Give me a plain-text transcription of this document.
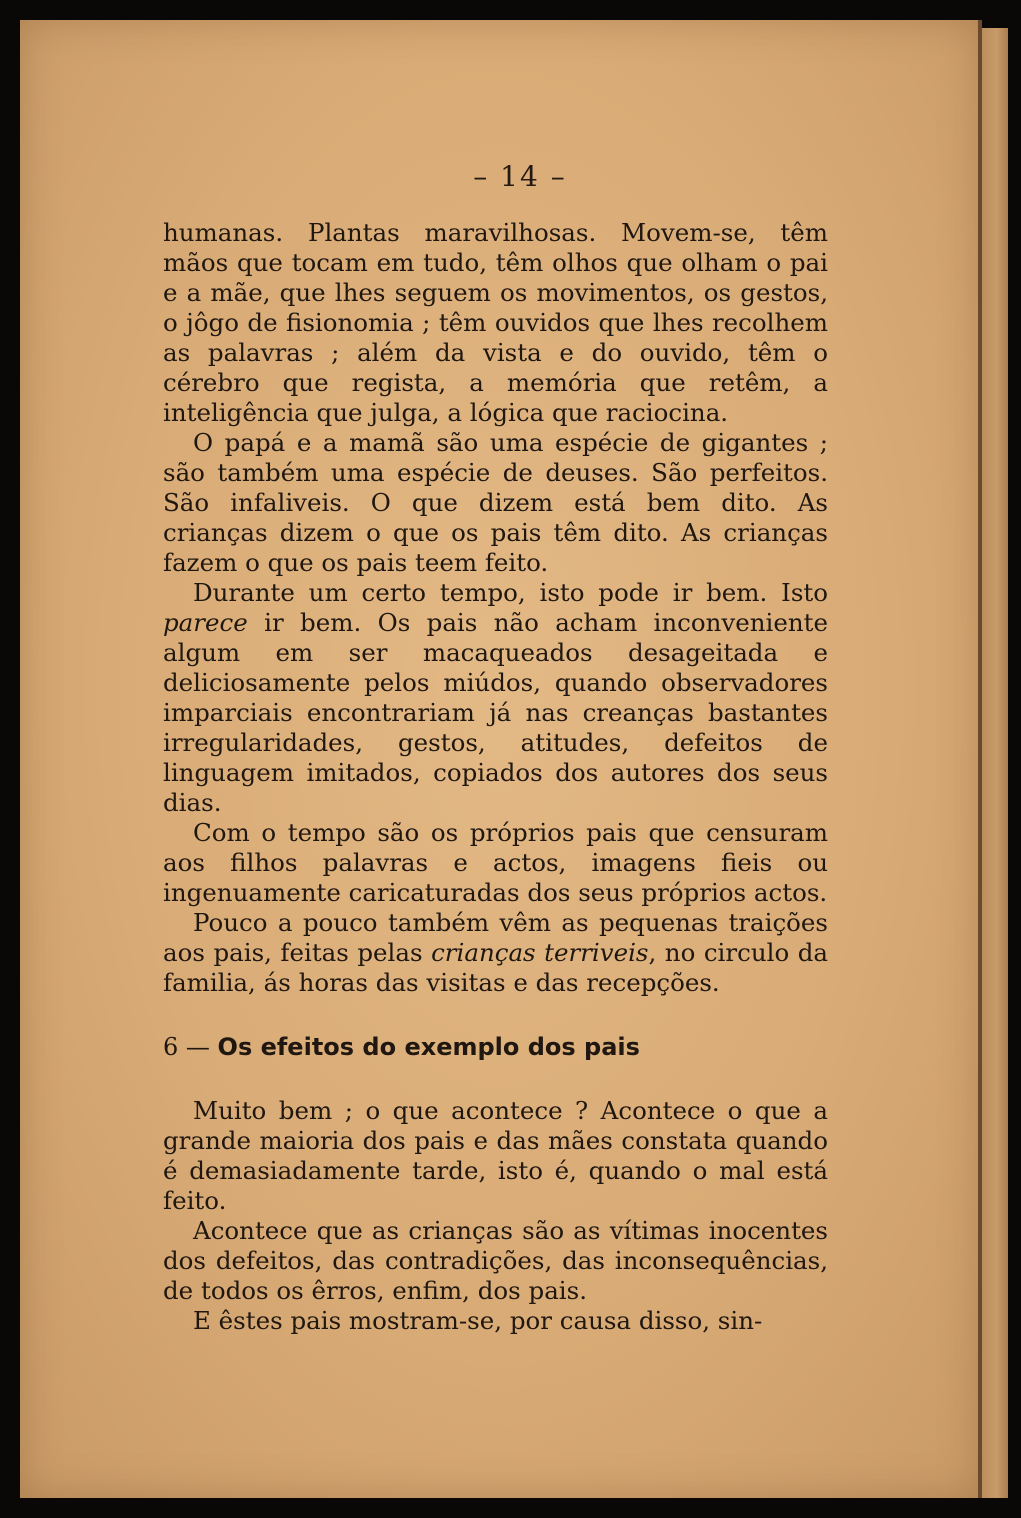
– 14 –

humanas. Plantas maravilhosas. Movem-se, têm mãos que tocam em tudo, têm olhos que olham o pai e a mãe, que lhes seguem os movimentos, os gestos, o jôgo de fisionomia ; têm ouvidos que lhes recolhem as palavras ; além da vista e do ouvido, têm o cérebro que regista, a memória que retêm, a inteligência que julga, a lógica que raciocina.

O papá e a mamã são uma espécie de gigantes ; são também uma espécie de deuses. São perfeitos. São infaliveis. O que dizem está bem dito. As crianças dizem o que os pais têm dito. As crianças fazem o que os pais teem feito.

Durante um certo tempo, isto pode ir bem. Isto parece ir bem. Os pais não acham inconveniente algum em ser macaqueados desageitada e deliciosamente pelos miúdos, quando observadores imparciais encontrariam já nas creanças bastantes irregularidades, gestos, atitudes, defeitos de linguagem imitados, copiados dos autores dos seus dias.

Com o tempo são os próprios pais que censuram aos filhos palavras e actos, imagens fieis ou ingenuamente caricaturadas dos seus próprios actos.

Pouco a pouco também vêm as pequenas traições aos pais, feitas pelas crianças terriveis, no circulo da familia, ás horas das visitas e das recepções.

6 — Os efeitos do exemplo dos pais

Muito bem ; o que acontece ? Acontece o que a grande maioria dos pais e das mães constata quando é demasiadamente tarde, isto é, quando o mal está feito.

Acontece que as crianças são as vítimas inocentes dos defeitos, das contradições, das inconsequências, de todos os êrros, enfim, dos pais.

E êstes pais mostram-se, por causa disso, sin-
